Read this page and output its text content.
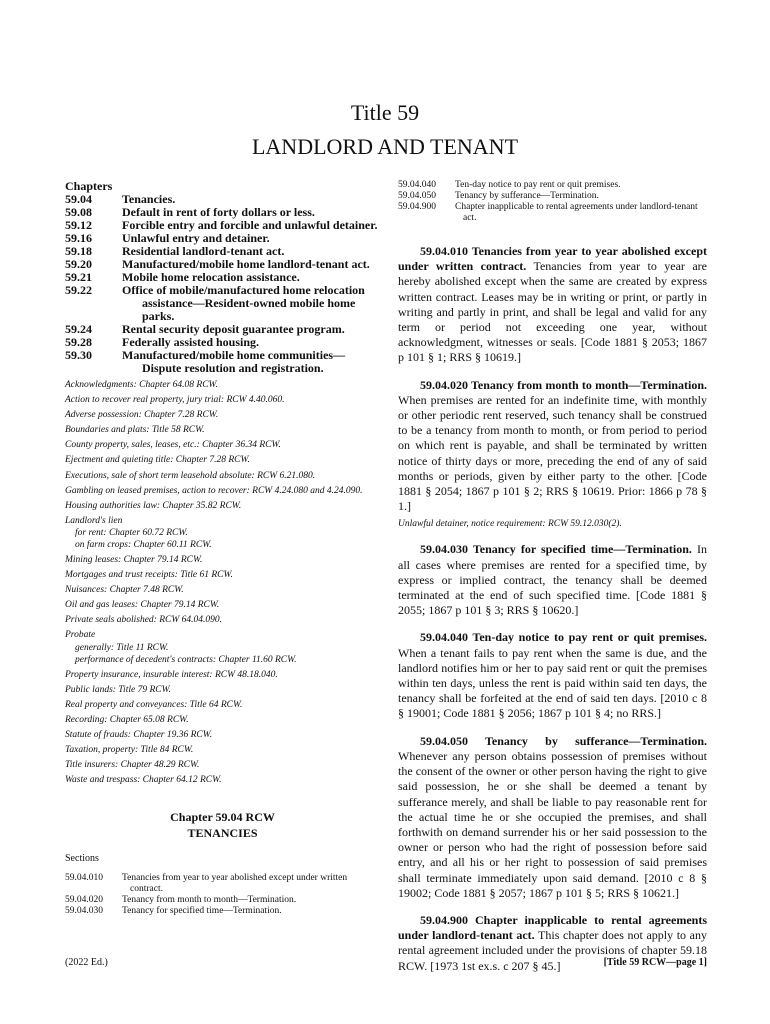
Title 59
LANDLORD AND TENANT
Chapters
59.04	Tenancies.
59.08	Default in rent of forty dollars or less.
59.12	Forcible entry and forcible and unlawful detainer.
59.16	Unlawful entry and detainer.
59.18	Residential landlord-tenant act.
59.20	Manufactured/mobile home landlord-tenant act.
59.21	Mobile home relocation assistance.
59.22	Office of mobile/manufactured home relocation assistance—Resident-owned mobile home parks.
59.24	Rental security deposit guarantee program.
59.28	Federally assisted housing.
59.30	Manufactured/mobile home communities—Dispute resolution and registration.
Acknowledgments: Chapter 64.08 RCW.
Action to recover real property, jury trial: RCW 4.40.060.
Adverse possession: Chapter 7.28 RCW.
Boundaries and plats: Title 58 RCW.
County property, sales, leases, etc.: Chapter 36.34 RCW.
Ejectment and quieting title: Chapter 7.28 RCW.
Executions, sale of short term leasehold absolute: RCW 6.21.080.
Gambling on leased premises, action to recover: RCW 4.24.080 and 4.24.090.
Housing authorities law: Chapter 35.82 RCW.
Landlord's lien
for rent: Chapter 60.72 RCW.
on farm crops: Chapter 60.11 RCW.
Mining leases: Chapter 79.14 RCW.
Mortgages and trust receipts: Title 61 RCW.
Nuisances: Chapter 7.48 RCW.
Oil and gas leases: Chapter 79.14 RCW.
Private seals abolished: RCW 64.04.090.
Probate
generally: Title 11 RCW.
performance of decedent's contracts: Chapter 11.60 RCW.
Property insurance, insurable interest: RCW 48.18.040.
Public lands: Title 79 RCW.
Real property and conveyances: Title 64 RCW.
Recording: Chapter 65.08 RCW.
Statute of frauds: Chapter 19.36 RCW.
Taxation, property: Title 84 RCW.
Title insurers: Chapter 48.29 RCW.
Waste and trespass: Chapter 64.12 RCW.
Chapter 59.04 RCW
TENANCIES
Sections
59.04.010	Tenancies from year to year abolished except under written contract.
59.04.020	Tenancy from month to month—Termination.
59.04.030	Tenancy for specified time—Termination.
59.04.040	Ten-day notice to pay rent or quit premises.
59.04.050	Tenancy by sufferance—Termination.
59.04.900	Chapter inapplicable to rental agreements under landlord-tenant act.
59.04.010 Tenancies from year to year abolished except under written contract. Tenancies from year to year are hereby abolished except when the same are created by express written contract. Leases may be in writing or print, or partly in writing and partly in print, and shall be legal and valid for any term or period not exceeding one year, without acknowledgment, witnesses or seals. [Code 1881 § 2053; 1867 p 101 § 1; RRS § 10619.]
59.04.020 Tenancy from month to month—Termination. When premises are rented for an indefinite time, with monthly or other periodic rent reserved, such tenancy shall be construed to be a tenancy from month to month, or from period to period on which rent is payable, and shall be terminated by written notice of thirty days or more, preceding the end of any of said months or periods, given by either party to the other. [Code 1881 § 2054; 1867 p 101 § 2; RRS § 10619. Prior: 1866 p 78 § 1.]
Unlawful detainer, notice requirement: RCW 59.12.030(2).
59.04.030 Tenancy for specified time—Termination. In all cases where premises are rented for a specified time, by express or implied contract, the tenancy shall be deemed terminated at the end of such specified time. [Code 1881 § 2055; 1867 p 101 § 3; RRS § 10620.]
59.04.040 Ten-day notice to pay rent or quit premises. When a tenant fails to pay rent when the same is due, and the landlord notifies him or her to pay said rent or quit the premises within ten days, unless the rent is paid within said ten days, the tenancy shall be forfeited at the end of said ten days. [2010 c 8 § 19001; Code 1881 § 2056; 1867 p 101 § 4; no RRS.]
59.04.050 Tenancy by sufferance—Termination. Whenever any person obtains possession of premises without the consent of the owner or other person having the right to give said possession, he or she shall be deemed a tenant by sufferance merely, and shall be liable to pay reasonable rent for the actual time he or she occupied the premises, and shall forthwith on demand surrender his or her said possession to the owner or person who had the right of possession before said entry, and all his or her right to possession of said premises shall terminate immediately upon said demand. [2010 c 8 § 19002; Code 1881 § 2057; 1867 p 101 § 5; RRS § 10621.]
59.04.900 Chapter inapplicable to rental agreements under landlord-tenant act. This chapter does not apply to any rental agreement included under the provisions of chapter 59.18 RCW. [1973 1st ex.s. c 207 § 45.]
(2022 Ed.)	[Title 59 RCW—page 1]
